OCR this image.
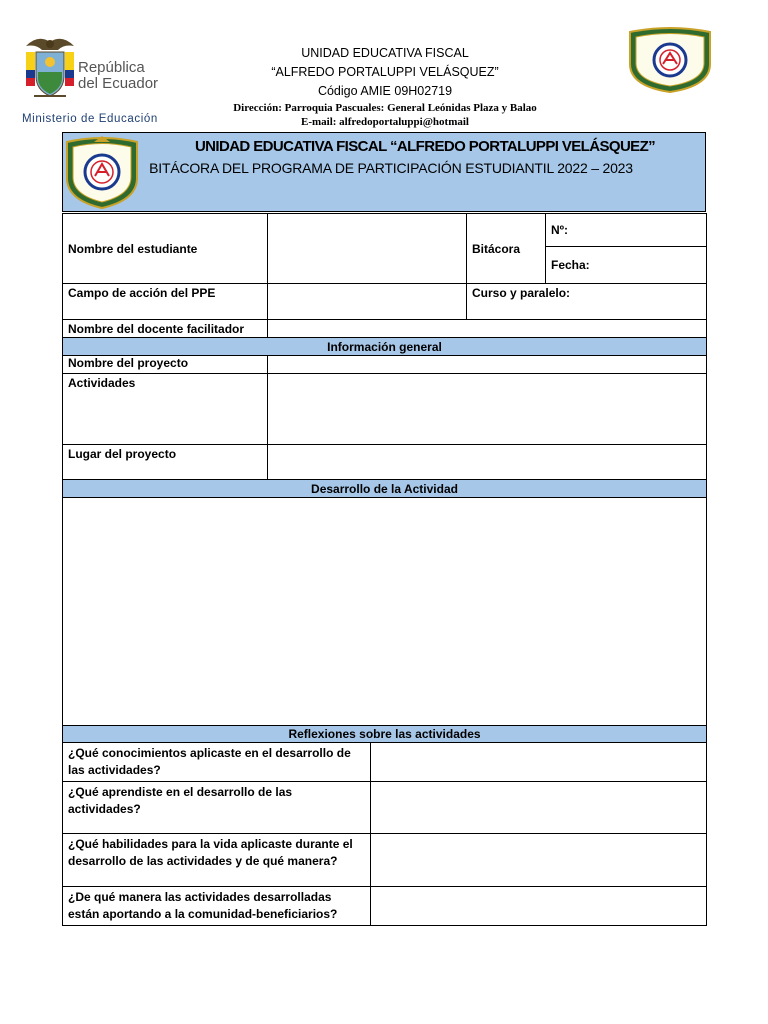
República
del Ecuador
Ministerio de Educación
UNIDAD EDUCATIVA FISCAL
“ALFREDO PORTALUPPI VELÁSQUEZ”
Código AMIE 09H02719
Dirección: Parroquia Pascuales: General Leónidas Plaza y Balao
E-mail: alfredoportaluppi@hotmail
UNIDAD EDUCATIVA FISCAL “ALFREDO PORTALUPPI VELÁSQUEZ”
BITÁCORA DEL PROGRAMA DE PARTICIPACIÓN ESTUDIANTIL 2022 – 2023
Nombre del estudiante			Bitácora	Nº:
				Fecha:
Campo de acción del PPE			Curso y paralelo:	
Nombre del docente facilitador				
Información general				
Nombre del proyecto				
Actividades				
Lugar del proyecto				
Desarrollo de la Actividad				

Reflexiones sobre las actividades				
¿Qué conocimientos aplicaste en el desarrollo de las actividades?				
¿Qué aprendiste en el desarrollo de las actividades?				
¿Qué habilidades para la vida aplicaste durante el desarrollo de las actividades y de qué manera?				
¿De qué manera las actividades desarrolladas están aportando a la comunidad-beneficiarios?				
